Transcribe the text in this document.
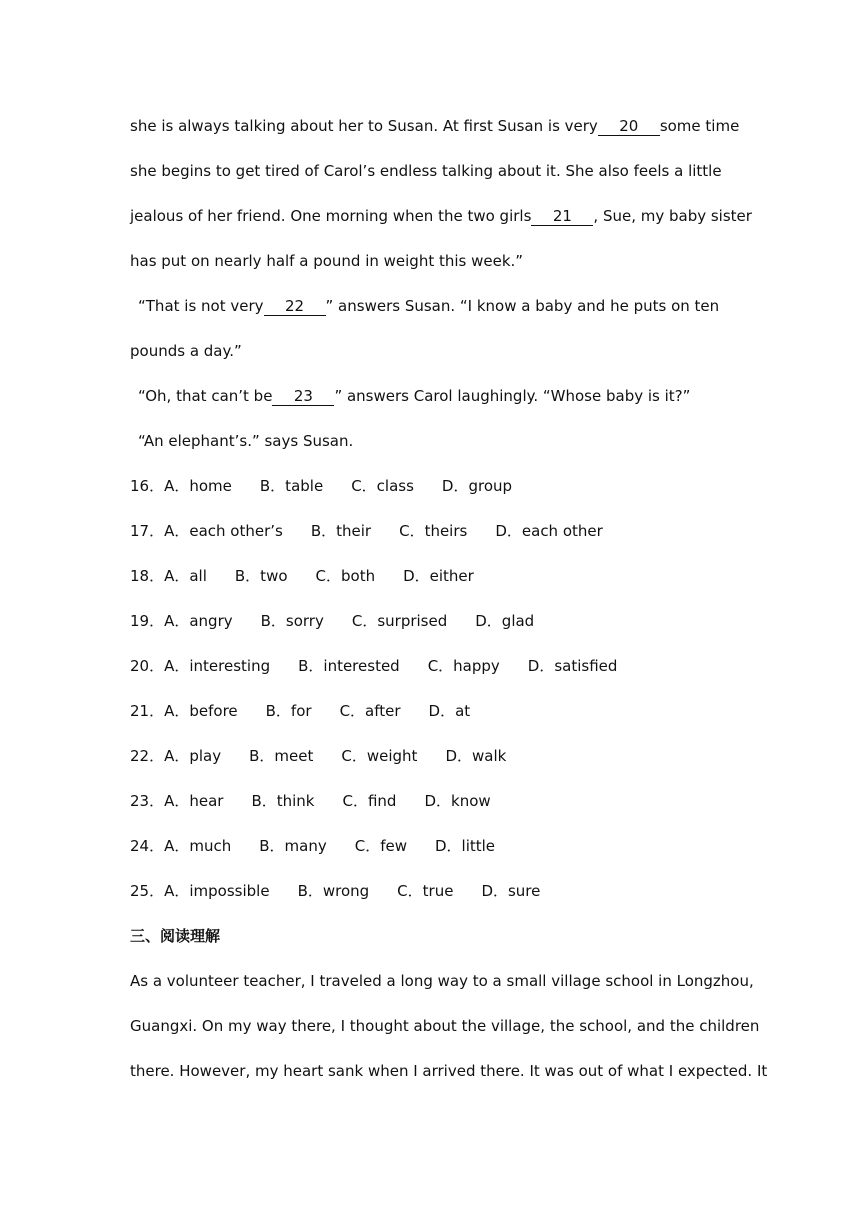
she is always talking about her to Susan. At first Susan is very 20 some time
she begins to get tired of Carol’s endless talking about it. She also feels a little
jealous of her friend. One morning when the two girls 21 , Sue, my baby sister
has put on nearly half a pound in weight this week.”
“That is not very 22 ” answers Susan. “I know a baby and he puts on ten
pounds a day.”
“Oh, that can’t be 23 ” answers Carol laughingly. “Whose baby is it?”
“An elephant’s.” says Susan.
16．A．home B．table C．class D．group
17．A．each other’s B．their C．theirs D．each other
18．A．all B．two C．both D．either
19．A．angry B．sorry C．surprised D．glad
20．A．interesting B．interested C．happy D．satisfied
21．A．before B．for C．after D．at
22．A．play B．meet C．weight D．walk
23．A．hear B．think C．find D．know
24．A．much B．many C．few D．little
25．A．impossible B．wrong C．true D．sure
三、阅读理解
As a volunteer teacher, I traveled a long way to a small village school in Longzhou,
Guangxi. On my way there, I thought about the village, the school, and the children
there. However, my heart sank when I arrived there. It was out of what I expected. It
